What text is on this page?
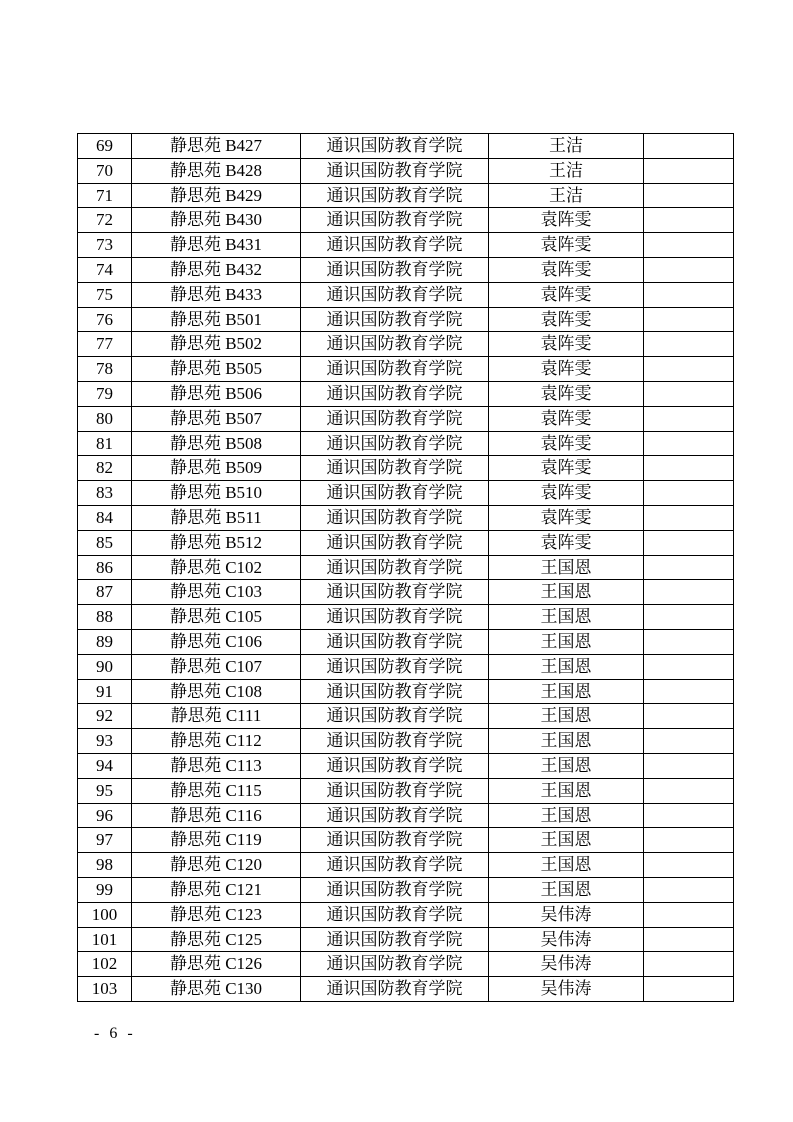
69	静思苑 B427	通识国防教育学院	王洁	
70	静思苑 B428	通识国防教育学院	王洁	
71	静思苑 B429	通识国防教育学院	王洁	
72	静思苑 B430	通识国防教育学院	袁阵雯	
73	静思苑 B431	通识国防教育学院	袁阵雯	
74	静思苑 B432	通识国防教育学院	袁阵雯	
75	静思苑 B433	通识国防教育学院	袁阵雯	
76	静思苑 B501	通识国防教育学院	袁阵雯	
77	静思苑 B502	通识国防教育学院	袁阵雯	
78	静思苑 B505	通识国防教育学院	袁阵雯	
79	静思苑 B506	通识国防教育学院	袁阵雯	
80	静思苑 B507	通识国防教育学院	袁阵雯	
81	静思苑 B508	通识国防教育学院	袁阵雯	
82	静思苑 B509	通识国防教育学院	袁阵雯	
83	静思苑 B510	通识国防教育学院	袁阵雯	
84	静思苑 B511	通识国防教育学院	袁阵雯	
85	静思苑 B512	通识国防教育学院	袁阵雯	
86	静思苑 C102	通识国防教育学院	王国恩	
87	静思苑 C103	通识国防教育学院	王国恩	
88	静思苑 C105	通识国防教育学院	王国恩	
89	静思苑 C106	通识国防教育学院	王国恩	
90	静思苑 C107	通识国防教育学院	王国恩	
91	静思苑 C108	通识国防教育学院	王国恩	
92	静思苑 C111	通识国防教育学院	王国恩	
93	静思苑 C112	通识国防教育学院	王国恩	
94	静思苑 C113	通识国防教育学院	王国恩	
95	静思苑 C115	通识国防教育学院	王国恩	
96	静思苑 C116	通识国防教育学院	王国恩	
97	静思苑 C119	通识国防教育学院	王国恩	
98	静思苑 C120	通识国防教育学院	王国恩	
99	静思苑 C121	通识国防教育学院	王国恩	
100	静思苑 C123	通识国防教育学院	吴伟涛	
101	静思苑 C125	通识国防教育学院	吴伟涛	
102	静思苑 C126	通识国防教育学院	吴伟涛	
103	静思苑 C130	通识国防教育学院	吴伟涛	
- 6 -
